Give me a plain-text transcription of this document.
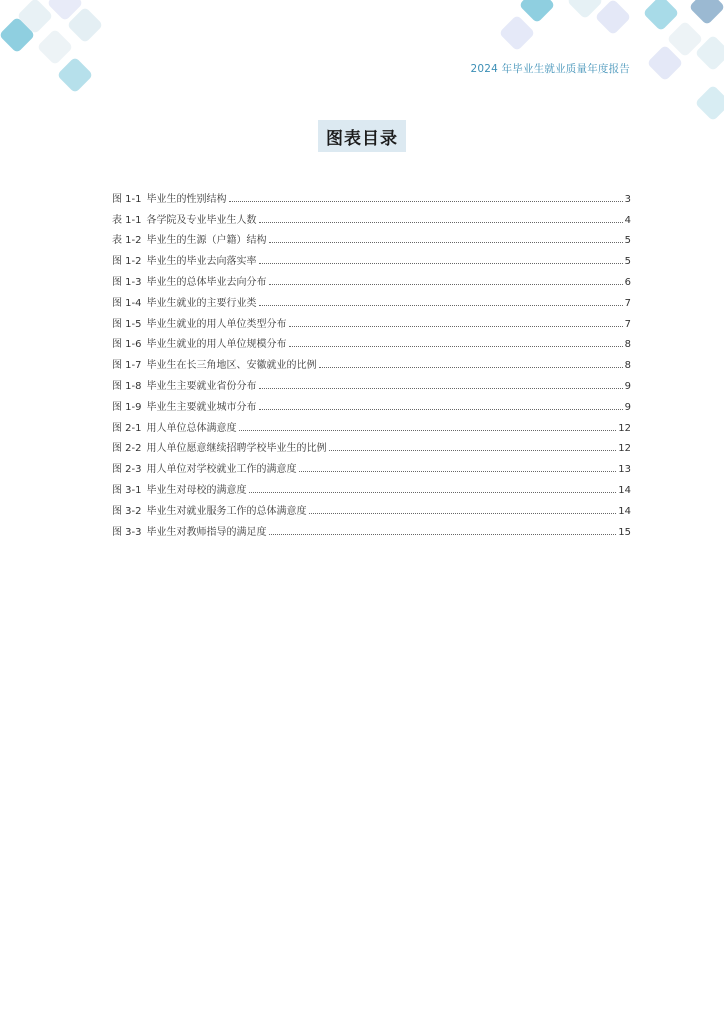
2024 年毕业生就业质量年度报告
图表目录
图 1-1 毕业生的性别结构	3
表 1-1 各学院及专业毕业生人数	4
表 1-2 毕业生的生源（户籍）结构	5
图 1-2 毕业生的毕业去向落实率	5
图 1-3 毕业生的总体毕业去向分布	6
图 1-4 毕业生就业的主要行业类	7
图 1-5 毕业生就业的用人单位类型分布	7
图 1-6 毕业生就业的用人单位规模分布	8
图 1-7 毕业生在长三角地区、安徽就业的比例	8
图 1-8 毕业生主要就业省份分布	9
图 1-9 毕业生主要就业城市分布	9
图 2-1 用人单位总体满意度	12
图 2-2 用人单位愿意继续招聘学校毕业生的比例	12
图 2-3 用人单位对学校就业工作的满意度	13
图 3-1 毕业生对母校的满意度	14
图 3-2 毕业生对就业服务工作的总体满意度	14
图 3-3 毕业生对教师指导的满足度	15
